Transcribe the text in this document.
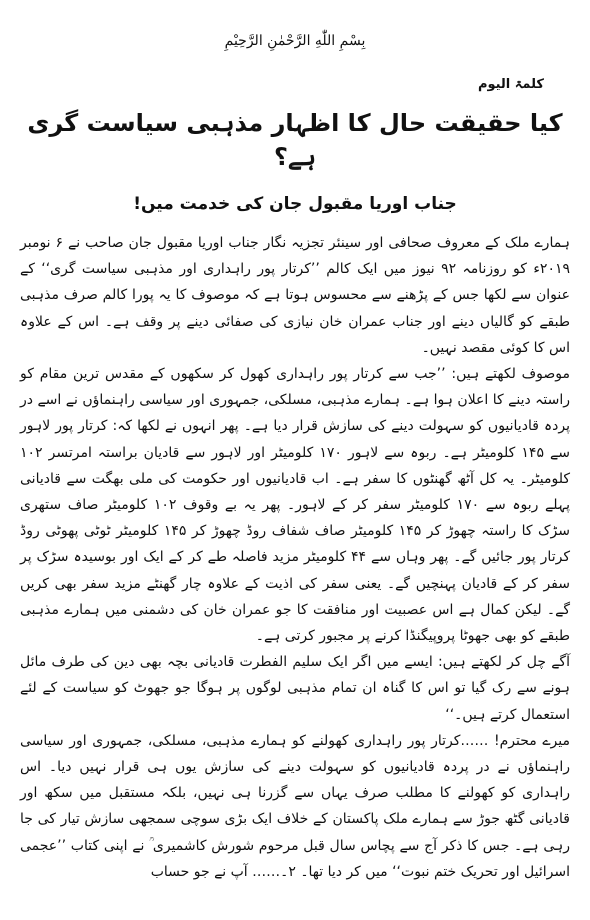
بِسْمِ اللّٰهِ الرَّحْمٰنِ الرَّحِيْمِ
کلمۃ الیوم
کیا حقیقت حال کا اظہار مذہبی سیاست گری ہے؟
جناب اوریا مقبول جان کی خدمت میں!

ہمارے ملک کے معروف صحافی اور سینئر تجزیہ نگار جناب اوریا مقبول جان صاحب نے ۶ نومبر ۲۰۱۹ء کو روزنامہ ۹۲ نیوز میں ایک کالم ’’کرتار پور راہداری اور مذہبی سیاست گری‘‘ کے عنوان سے لکھا جس کے پڑھنے سے محسوس ہوتا ہے کہ موصوف کا یہ پورا کالم صرف مذہبی طبقے کو گالیاں دینے اور جناب عمران خان نیازی کی صفائی دینے پر وقف ہے۔ اس کے علاوہ اس کا کوئی مقصد نہیں۔

موصوف لکھتے ہیں: ’’جب سے کرتار پور راہداری کھول کر سکھوں کے مقدس ترین مقام کو راستہ دینے کا اعلان ہوا ہے۔ ہمارے مذہبی، مسلکی، جمہوری اور سیاسی راہنماؤں نے اسے در پردہ قادیانیوں کو سہولت دینے کی سازش قرار دیا ہے۔ پھر انہوں نے لکھا کہ: کرتار پور لاہور سے ۱۴۵ کلومیٹر ہے۔ ربوہ سے لاہور ۱۷۰ کلومیٹر اور لاہور سے قادیان براستہ امرتسر ۱۰۲ کلومیٹر۔ یہ کل آٹھ گھنٹوں کا سفر ہے۔ اب قادیانیوں اور حکومت کی ملی بھگت سے قادیانی پہلے ربوہ سے ۱۷۰ کلومیٹر سفر کر کے لاہور۔ پھر یہ بے وقوف ۱۰۲ کلومیٹر صاف ستھری سڑک کا راستہ چھوڑ کر ۱۴۵ کلومیٹر صاف شفاف روڈ چھوڑ کر ۱۴۵ کلومیٹر ٹوٹی پھوٹی روڈ کرتار پور جائیں گے۔ پھر وہاں سے ۴۴ کلومیٹر مزید فاصلہ طے کر کے ایک اور بوسیدہ سڑک پر سفر کر کے قادیان پہنچیں گے۔ یعنی سفر کی اذیت کے علاوہ چار گھنٹے مزید سفر بھی کریں گے۔ لیکن کمال ہے اس عصبیت اور منافقت کا جو عمران خان کی دشمنی میں ہمارے مذہبی طبقے کو بھی جھوٹا پروپیگنڈا کرنے پر مجبور کرتی ہے۔

آگے چل کر لکھتے ہیں: ایسے میں اگر ایک سلیم الفطرت قادیانی بچہ بھی دین کی طرف مائل ہونے سے رک گیا تو اس کا گناہ ان تمام مذہبی لوگوں پر ہوگا جو جھوٹ کو سیاست کے لئے استعمال کرتے ہیں۔‘‘

میرے محترم! ……کرتار پور راہداری کھولنے کو ہمارے مذہبی، مسلکی، جمہوری اور سیاسی راہنماؤں نے در پردہ قادیانیوں کو سہولت دینے کی سازش یوں ہی قرار نہیں دیا۔ اس راہداری کو کھولنے کا مطلب صرف یہاں سے گزرنا ہی نہیں، بلکہ مستقبل میں سکھ اور قادیانی گٹھ جوڑ سے ہمارے ملک پاکستان کے خلاف ایک بڑی سوچی سمجھی سازش تیار کی جا رہی ہے۔ جس کا ذکر آج سے پچاس سال قبل مرحوم شورش کاشمیری ؒ نے اپنی کتاب ’’عجمی اسرائیل اور تحریک ختم نبوت‘‘ میں کر دیا تھا۔ ۲۔…… آپ نے جو حساب
